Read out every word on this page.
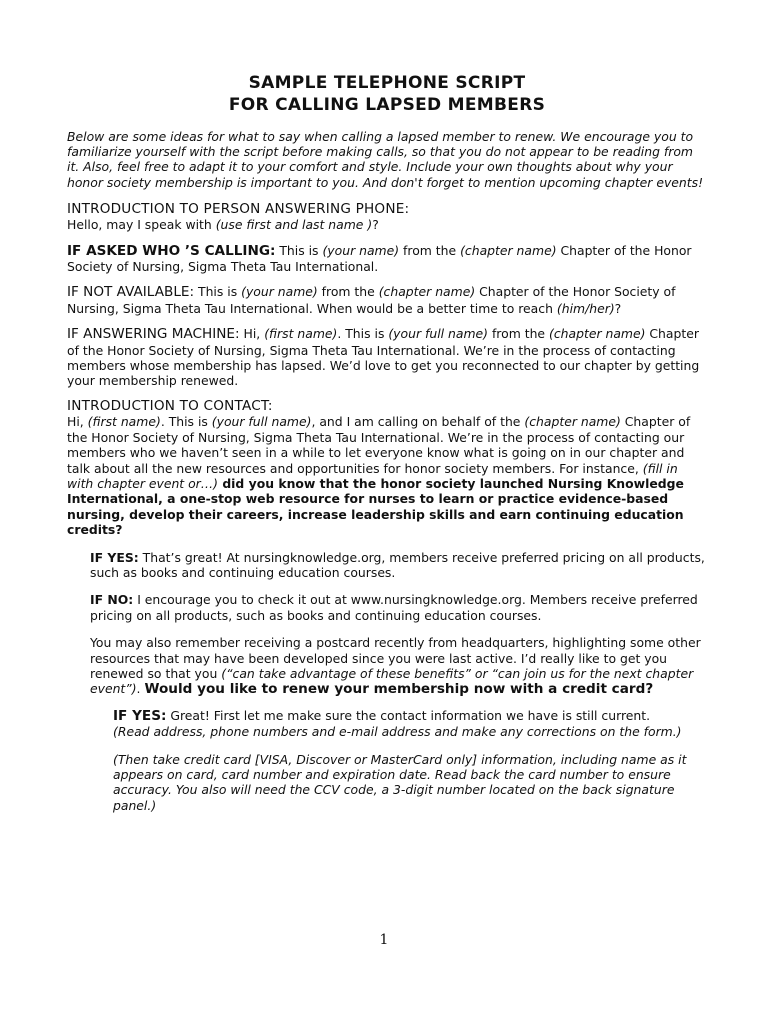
SAMPLE TELEPHONE SCRIPT

FOR CALLING LAPSED MEMBERS

Below are some ideas for what to say when calling a lapsed member to renew. We encourage you to familiarize yourself with the script before making calls, so that you do not appear to be reading from it. Also, feel free to adapt it to your comfort and style. Include your own thoughts about why your honor society membership is important to you. And don't forget to mention upcoming chapter events!

INTRODUCTION TO PERSON ANSWERING PHONE:

Hello, may I speak with (use first and last name )?

IF ASKED WHO ’S CALLING: This is (your name) from the (chapter name) Chapter of the Honor Society of Nursing, Sigma Theta Tau International.

IF NOT AVAILABLE: This is (your name) from the (chapter name) Chapter of the Honor Society of Nursing, Sigma Theta Tau International. When would be a better time to reach (him/her)?

IF ANSWERING MACHINE: Hi, (first name). This is (your full name) from the (chapter name) Chapter of the Honor Society of Nursing, Sigma Theta Tau International. We’re in the process of contacting members whose membership has lapsed. We’d love to get you reconnected to our chapter by getting your membership renewed.

INTRODUCTION TO CONTACT:

Hi, (first name). This is (your full name), and I am calling on behalf of the (chapter name) Chapter of the Honor Society of Nursing, Sigma Theta Tau International. We’re in the process of contacting our members who we haven’t seen in a while to let everyone know what is going on in our chapter and talk about all the new resources and opportunities for honor society members. For instance, (fill in with chapter event or…) did you know that the honor society launched Nursing Knowledge International, a one-stop web resource for nurses to learn or practice evidence-based nursing, develop their careers, increase leadership skills and earn continuing education credits?

IF YES: That’s great! At nursingknowledge.org, members receive preferred pricing on all products, such as books and continuing education courses.

IF NO: I encourage you to check it out at www.nursingknowledge.org. Members receive preferred pricing on all products, such as books and continuing education courses.

You may also remember receiving a postcard recently from headquarters, highlighting some other resources that may have been developed since you were last active. I’d really like to get you renewed so that you (“can take advantage of these benefits” or “can join us for the next chapter event”). Would you like to renew your membership now with a credit card?

IF YES: Great! First let me make sure the contact information we have is still current.
(Read address, phone numbers and e-mail address and make any corrections on the form.)

(Then take credit card [VISA, Discover or MasterCard only] information, including name as it appears on card, card number and expiration date. Read back the card number to ensure accuracy. You also will need the CCV code, a 3-digit number located on the back signature panel.)

1
